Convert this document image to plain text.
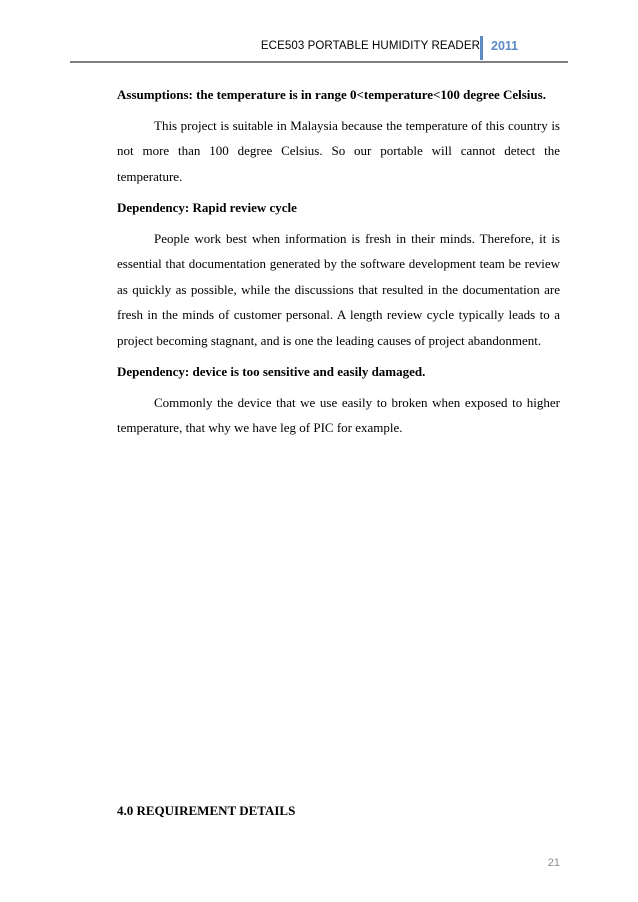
ECE503 PORTABLE HUMIDITY READER 2011

Assumptions: the temperature is in range 0<temperature<100 degree Celsius.

This project is suitable in Malaysia because the temperature of this country is not more than 100 degree Celsius. So our portable will cannot detect the temperature.

Dependency: Rapid review cycle

People work best when information is fresh in their minds. Therefore, it is essential that documentation generated by the software development team be review as quickly as possible, while the discussions that resulted in the documentation are fresh in the minds of customer personal. A length review cycle typically leads to a project becoming stagnant, and is one the leading causes of project abandonment.

Dependency: device is too sensitive and easily damaged.

Commonly the device that we use easily to broken when exposed to higher temperature, that why we have leg of PIC for example.

4.0 REQUIREMENT DETAILS
21
